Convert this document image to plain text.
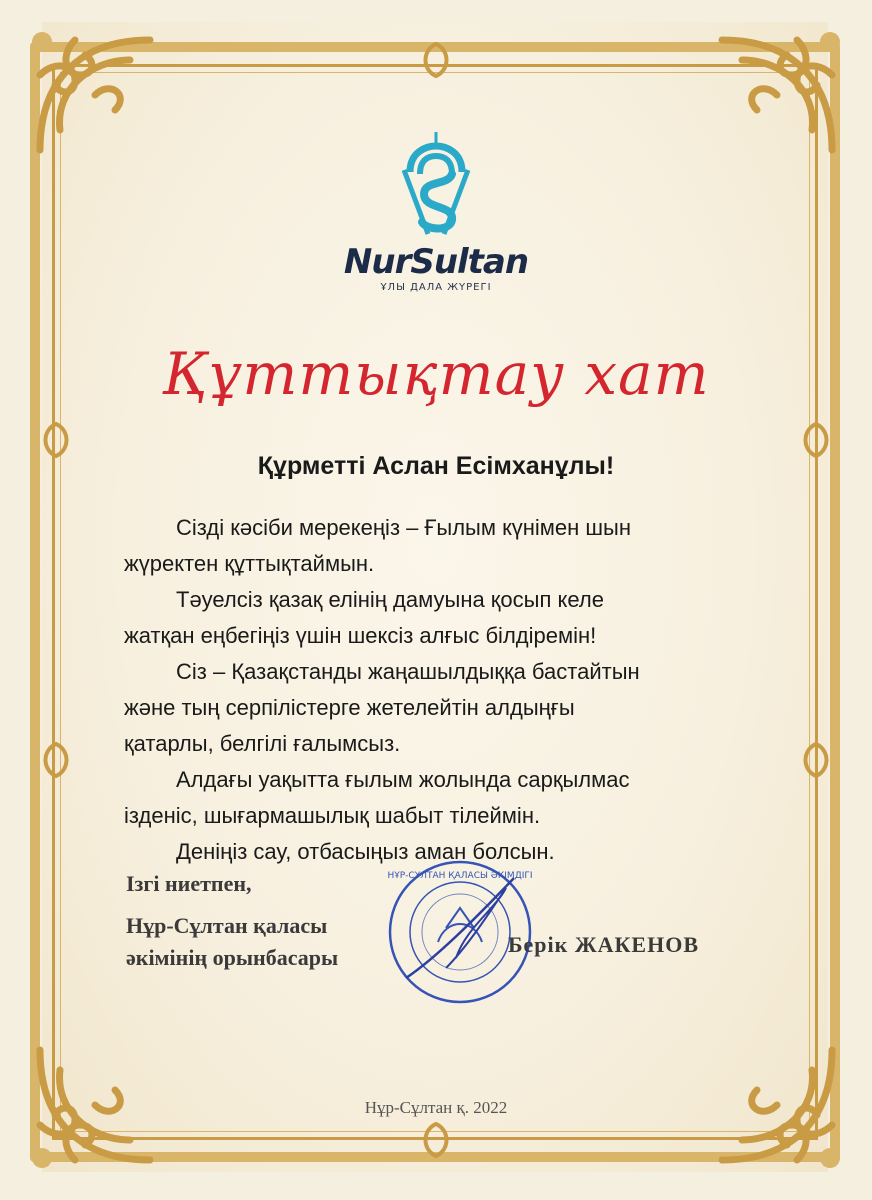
NurSultan
ҰЛЫ ДАЛА ЖҮРЕГІ
Құттықтау хат
Құрметті Аслан Есімханұлы!
Сізді кәсіби мерекеңіз – Ғылым күнімен шын
жүректен құттықтаймын.
Тәуелсіз қазақ елінің дамуына қосып келе
жатқан еңбегіңіз үшін шексіз алғыс білдіремін!
Сіз – Қазақстанды жаңашылдыққа бастайтын
және тың серпілістерге жетелейтін алдыңғы
қатарлы, белгілі ғалымсыз.
Алдағы уақытта ғылым жолында сарқылмас
ізденіс, шығармашылық шабыт тілеймін.
Денiңiз сау, отбасыңыз аман болсын.
Ізгі ниетпен,
Нұр-Сұлтан қаласы
әкімінің орынбасары
НҰР-СҰЛТАН ҚАЛАСЫ ӘКІМДІГІ
Берік ЖАКЕНОВ
Нұр-Сұлтан қ. 2022
